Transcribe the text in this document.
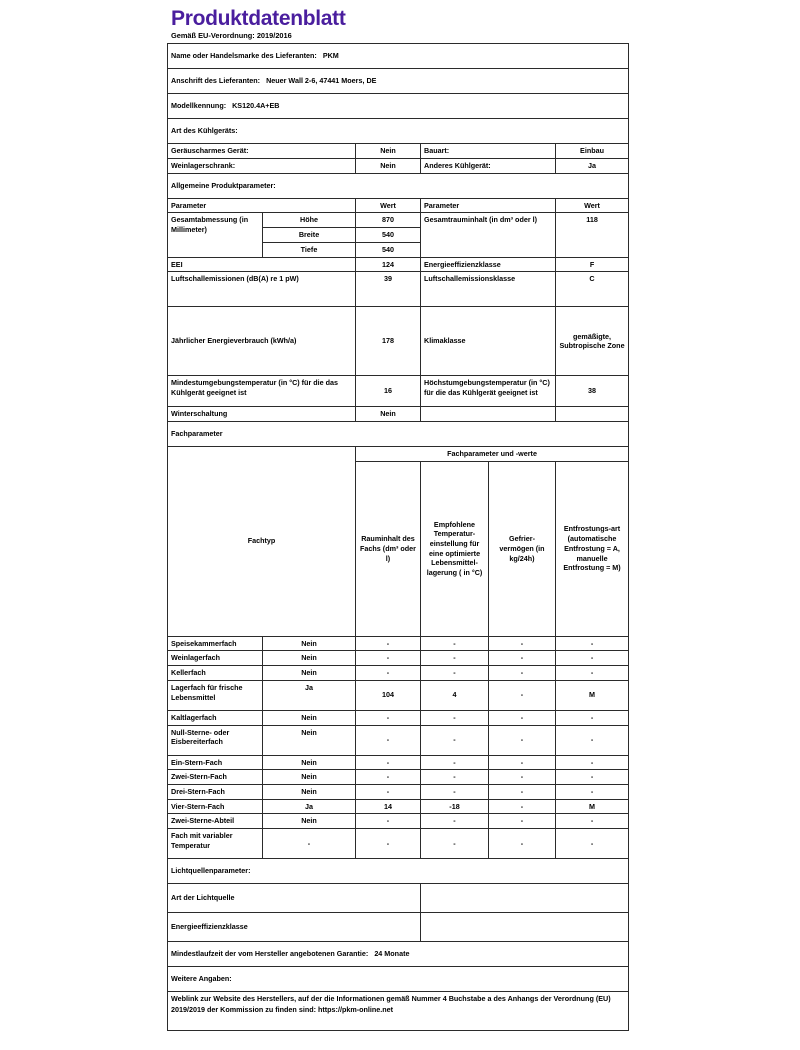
Produktdatenblatt
Gemäß EU-Verordnung: 2019/2016
Name oder Handelsmarke des Lieferanten: PKM					
Anschrift des Lieferanten: Neuer Wall 2-6, 47441 Moers, DE					
Modellkennung: KS120.4A+EB					
Art des Kühlgeräts:					
Geräuscharmes Gerät:		Nein	Bauart:		Einbau
Weinlagerschrank:		Nein	Anderes Kühlgerät:		Ja
Allgemeine Produktparameter:					
Parameter		Wert	Parameter		Wert
Gesamtabmessung (in Millimeter)	Höhe	870	Gesamtrauminhalt (in dm³ oder l)		118
	Breite	540			
	Tiefe	540			
EEI		124	Energieeffizienzklasse		F
Luftschallemissionen (dB(A) re 1 pW)		39	Luftschallemissionsklasse		C
Jährlicher Energieverbrauch (kWh/a)		178	Klimaklasse		gemäßigte, Subtropische Zone
Mindestumgebungstemperatur (in °C) für die das Kühlgerät geeignet ist		16	Höchstumgebungstemperatur (in °C) für die das Kühlgerät geeignet ist		38
Winterschaltung		Nein			
Fachparameter					
Fachtyp		Fachparameter und -werte			
		Rauminhalt des Fachs (dm³ oder l)	Empfohlene Temperatur-einstellung für eine optimierte Lebensmittel-lagerung ( in °C)	Gefrier-vermögen (in kg/24h)	Entfrostungs-art (automatische Entfrostung = A, manuelle Entfrostung = M)
Speisekammerfach	Nein	-	-	-	-
Weinlagerfach	Nein	-	-	-	-
Kellerfach	Nein	-	-	-	-
Lagerfach für frische Lebensmittel	Ja	104	4	-	M
Kaltlagerfach	Nein	-	-	-	-
Null-Sterne- oder Eisbereiterfach	Nein	-	-	-	-
Ein-Stern-Fach	Nein	-	-	-	-
Zwei-Stern-Fach	Nein	-	-	-	-
Drei-Stern-Fach	Nein	-	-	-	-
Vier-Stern-Fach	Ja	14	-18	-	M
Zwei-Sterne-Abteil	Nein	-	-	-	-
Fach mit variabler Temperatur	-	-	-	-	-
Lichtquellenparameter:					
Art der Lichtquelle					
Energieeffizienzklasse					
Mindestlaufzeit der vom Hersteller angebotenen Garantie: 24 Monate					
Weitere Angaben:					
Weblink zur Website des Herstellers, auf der die Informationen gemäß Nummer 4 Buchstabe a des Anhangs der Verordnung (EU) 2019/2019 der Kommission zu finden sind: https://pkm-online.net					
